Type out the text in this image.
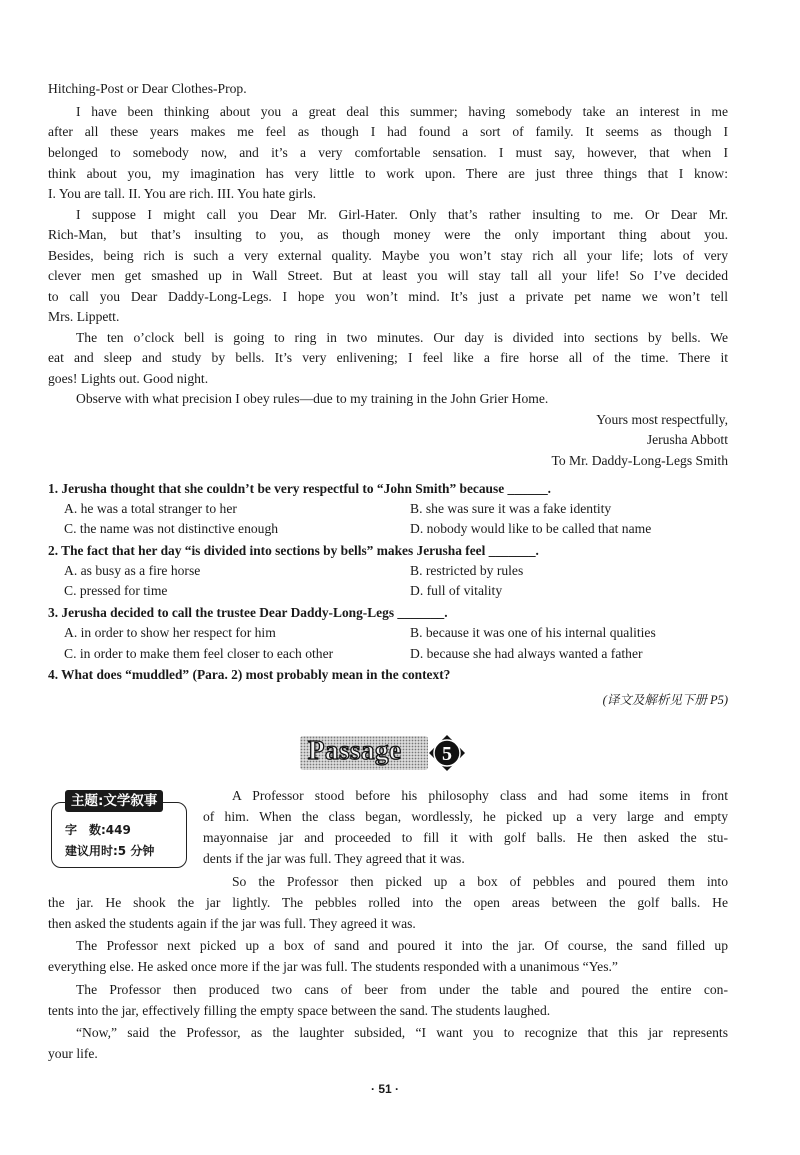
Hitching-Post or Dear Clothes-Prop.
I have been thinking about you a great deal this summer; having somebody take an interest in me
after all these years makes me feel as though I had found a sort of family. It seems as though I
belonged to somebody now, and it’s a very comfortable sensation. I must say, however, that when I
think about you, my imagination has very little to work upon. There are just three things that I know:
I. You are tall. II. You are rich. III. You hate girls.
I suppose I might call you Dear Mr. Girl-Hater. Only that’s rather insulting to me. Or Dear Mr.
Rich-Man, but that’s insulting to you, as though money were the only important thing about you.
Besides, being rich is such a very external quality. Maybe you won’t stay rich all your life; lots of very
clever men get smashed up in Wall Street. But at least you will stay tall all your life! So I’ve decided
to call you Dear Daddy-Long-Legs. I hope you won’t mind. It’s just a private pet name we won’t tell
Mrs. Lippett.
The ten o’clock bell is going to ring in two minutes. Our day is divided into sections by bells. We
eat and sleep and study by bells. It’s very enlivening; I feel like a fire horse all of the time. There it
goes! Lights out. Good night.
Observe with what precision I obey rules—due to my training in the John Grier Home.
Yours most respectfully,
Jerusha Abbott
To Mr. Daddy-Long-Legs Smith
1. Jerusha thought that she couldn’t be very respectful to “John Smith” because ______.
A. he was a total stranger to her	B. she was sure it was a fake identity
C. the name was not distinctive enough	D. nobody would like to be called that name
2. The fact that her day “is divided into sections by bells” makes Jerusha feel _______.
A. as busy as a fire horse	B. restricted by rules
C. pressed for time	D. full of vitality
3. Jerusha decided to call the trustee Dear Daddy-Long-Legs _______.
A. in order to show her respect for him	B. because it was one of his internal qualities
C. in order to make them feel closer to each other	D. because she had always wanted a father
4. What does “muddled” (Para. 2) most probably mean in the context?
(译文及解析见下册 P5)
Passage 5
主题:文学叙事
字　数:449
建议用时:5 分钟
A Professor stood before his philosophy class and had some items in front
of him. When the class began, wordlessly, he picked up a very large and empty
mayonnaise jar and proceeded to fill it with golf balls. He then asked the stu-
dents if the jar was full. They agreed that it was.
So the Professor then picked up a box of pebbles and poured them into
the jar. He shook the jar lightly. The pebbles rolled into the open areas between the golf balls. He
then asked the students again if the jar was full. They agreed it was.
The Professor next picked up a box of sand and poured it into the jar. Of course, the sand filled up
everything else. He asked once more if the jar was full. The students responded with a unanimous “Yes.”
The Professor then produced two cans of beer from under the table and poured the entire con-
tents into the jar, effectively filling the empty space between the sand. The students laughed.
“Now,” said the Professor, as the laughter subsided, “I want you to recognize that this jar represents
your life.
· 51 ·
